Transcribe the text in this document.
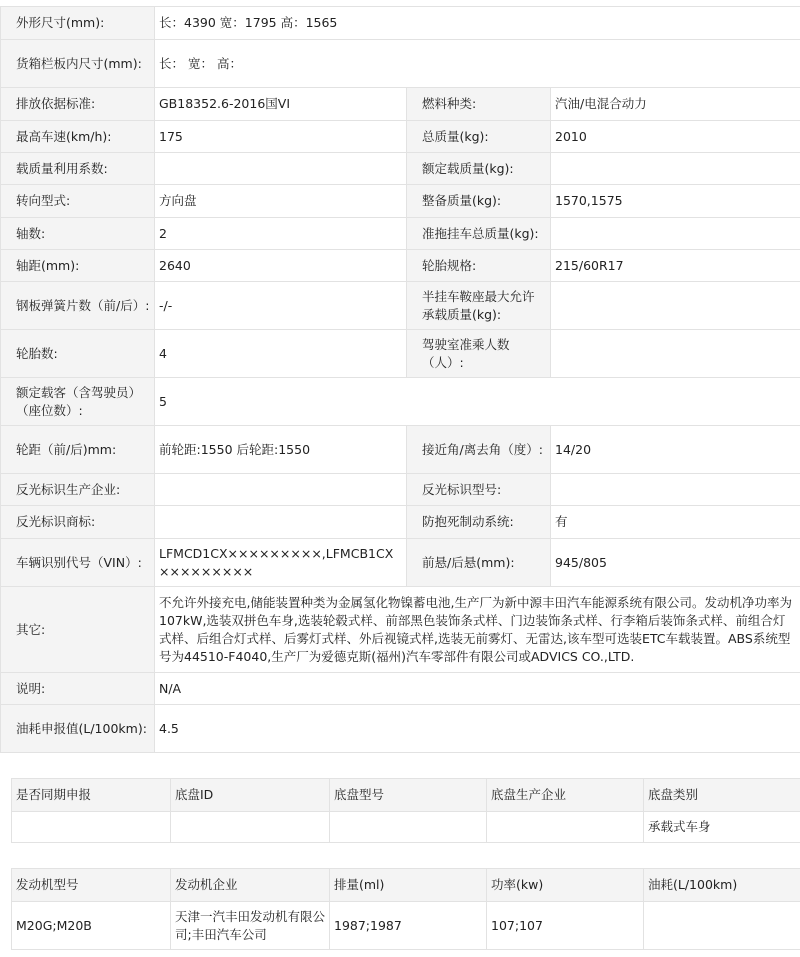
外形尺寸(mm):	长：4390 宽：1795 高：1565		
货箱栏板内尺寸(mm):	长： 宽： 高：		
排放依据标准:	GB18352.6-2016国VI	燃料种类:	汽油/电混合动力
最高车速(km/h):	175	总质量(kg):	2010
载质量利用系数:		额定载质量(kg):	
转向型式:	方向盘	整备质量(kg):	1570,1575
轴数:	2	准拖挂车总质量(kg):	
轴距(mm):	2640	轮胎规格:	215/60R17
钢板弹簧片数（前/后）:	-/-	半挂车鞍座最大允许承载质量(kg):	
轮胎数:	4	驾驶室准乘人数（人）:	
额定载客（含驾驶员）（座位数）:	5		
轮距（前/后)mm:	前轮距:1550 后轮距:1550	接近角/离去角（度）:	14/20
反光标识生产企业:		反光标识型号:	
反光标识商标:		防抱死制动系统:	有
车辆识别代号（VIN）:	LFMCD1CX×××××××××,LFMCB1CX×××××××××	前悬/后悬(mm):	945/805
其它:	不允许外接充电,储能装置种类为金属氢化物镍蓄电池,生产厂为新中源丰田汽车能源系统有限公司。发动机净功率为107kW,选装双拼色车身,选装轮毂式样、前部黑色装饰条式样、门边装饰条式样、行李箱后装饰条式样、前组合灯式样、后组合灯式样、后雾灯式样、外后视镜式样,选装无前雾灯、无雷达,该车型可选装ETC车载装置。ABS系统型号为44510-F4040,生产厂为爱德克斯(福州)汽车零部件有限公司或ADVICS CO.,LTD.		
说明:	N/A		
油耗申报值(L/100km):	4.5		
是否同期申报	底盘ID	底盘型号	底盘生产企业	底盘类别
				承载式车身
发动机型号	发动机企业	排量(ml)	功率(kw)	油耗(L/100km)
M20G;M20B	天津一汽丰田发动机有限公司;丰田汽车公司	1987;1987	107;107	
